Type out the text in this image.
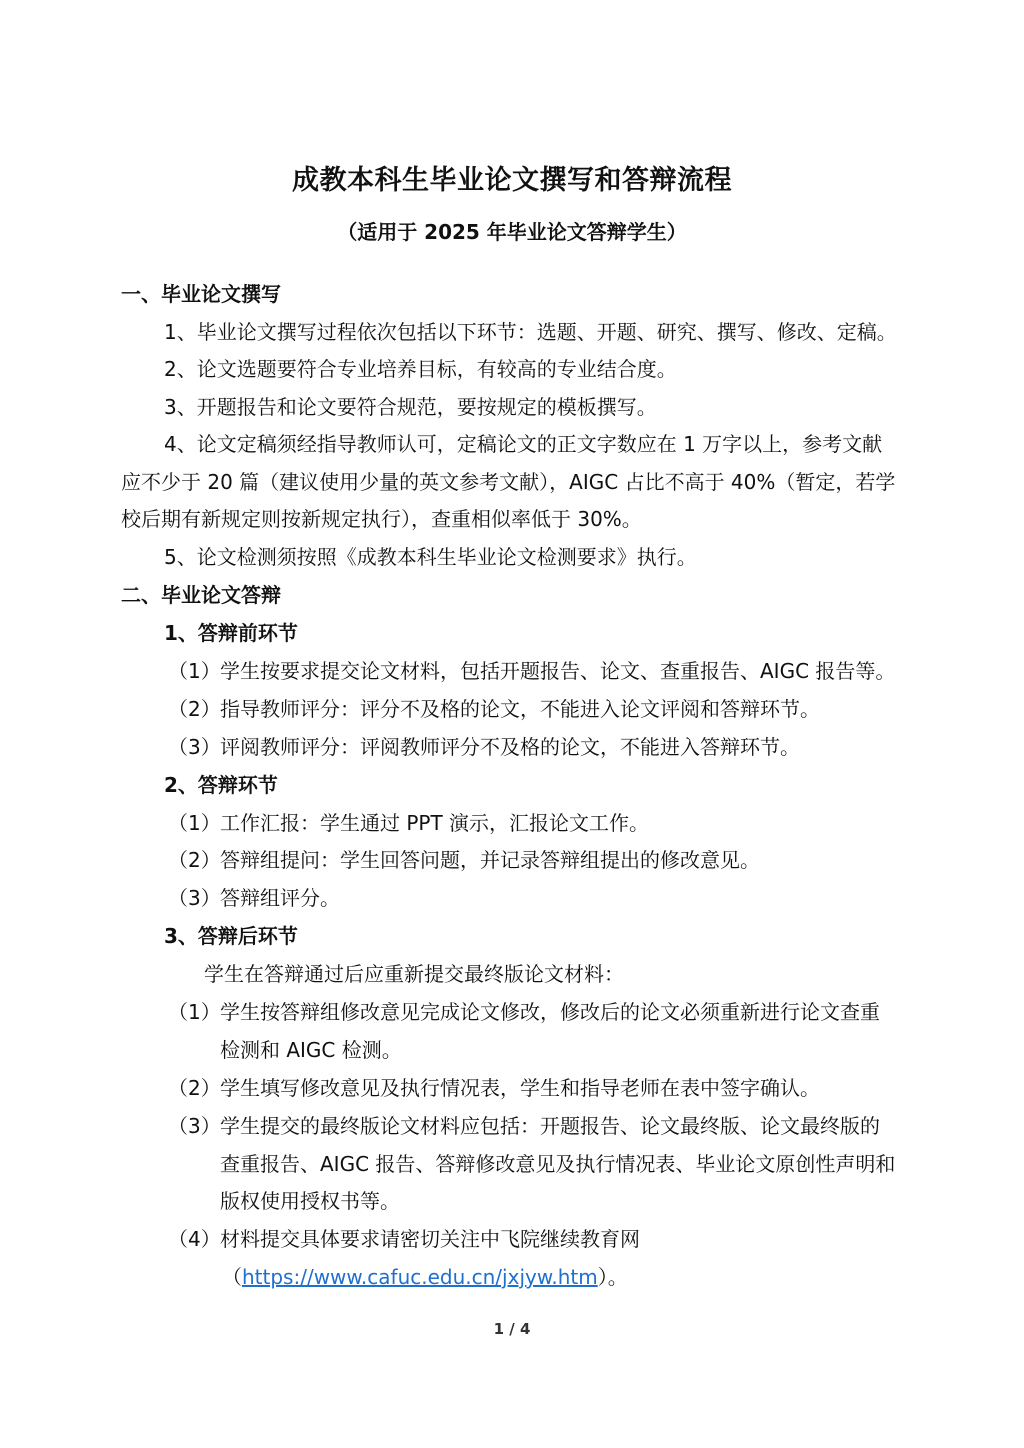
成教本科生毕业论文撰写和答辩流程
（适用于 2025 年毕业论文答辩学生）
一、毕业论文撰写
1、毕业论文撰写过程依次包括以下环节：选题、开题、研究、撰写、修改、定稿。
2、论文选题要符合专业培养目标，有较高的专业结合度。
3、开题报告和论文要符合规范，要按规定的模板撰写。
4、论文定稿须经指导教师认可，定稿论文的正文字数应在 1 万字以上，参考文献
应不少于 20 篇（建议使用少量的英文参考文献），AIGC 占比不高于 40%（暂定，若学
校后期有新规定则按新规定执行），查重相似率低于 30%。
5、论文检测须按照《成教本科生毕业论文检测要求》执行。
二、毕业论文答辩
1、答辩前环节
（1） 学生按要求提交论文材料，包括开题报告、论文、查重报告、AIGC 报告等。
（2） 指导教师评分：评分不及格的论文，不能进入论文评阅和答辩环节。
（3） 评阅教师评分：评阅教师评分不及格的论文，不能进入答辩环节。
2、答辩环节
（1） 工作汇报：学生通过 PPT 演示，汇报论文工作。
（2） 答辩组提问：学生回答问题，并记录答辩组提出的修改意见。
（3） 答辩组评分。
3、答辩后环节
学生在答辩通过后应重新提交最终版论文材料：
（1） 学生按答辩组修改意见完成论文修改，修改后的论文必须重新进行论文查重
检测和 AIGC 检测。
（2） 学生填写修改意见及执行情况表，学生和指导老师在表中签字确认。
（3） 学生提交的最终版论文材料应包括：开题报告、论文最终版、论文最终版的
查重报告、AIGC 报告、答辩修改意见及执行情况表、毕业论文原创性声明和
版权使用授权书等。
（4） 材料提交具体要求请密切关注中飞院继续教育网
（https://www.cafuc.edu.cn/jxjyw.htm）。
1 / 4
